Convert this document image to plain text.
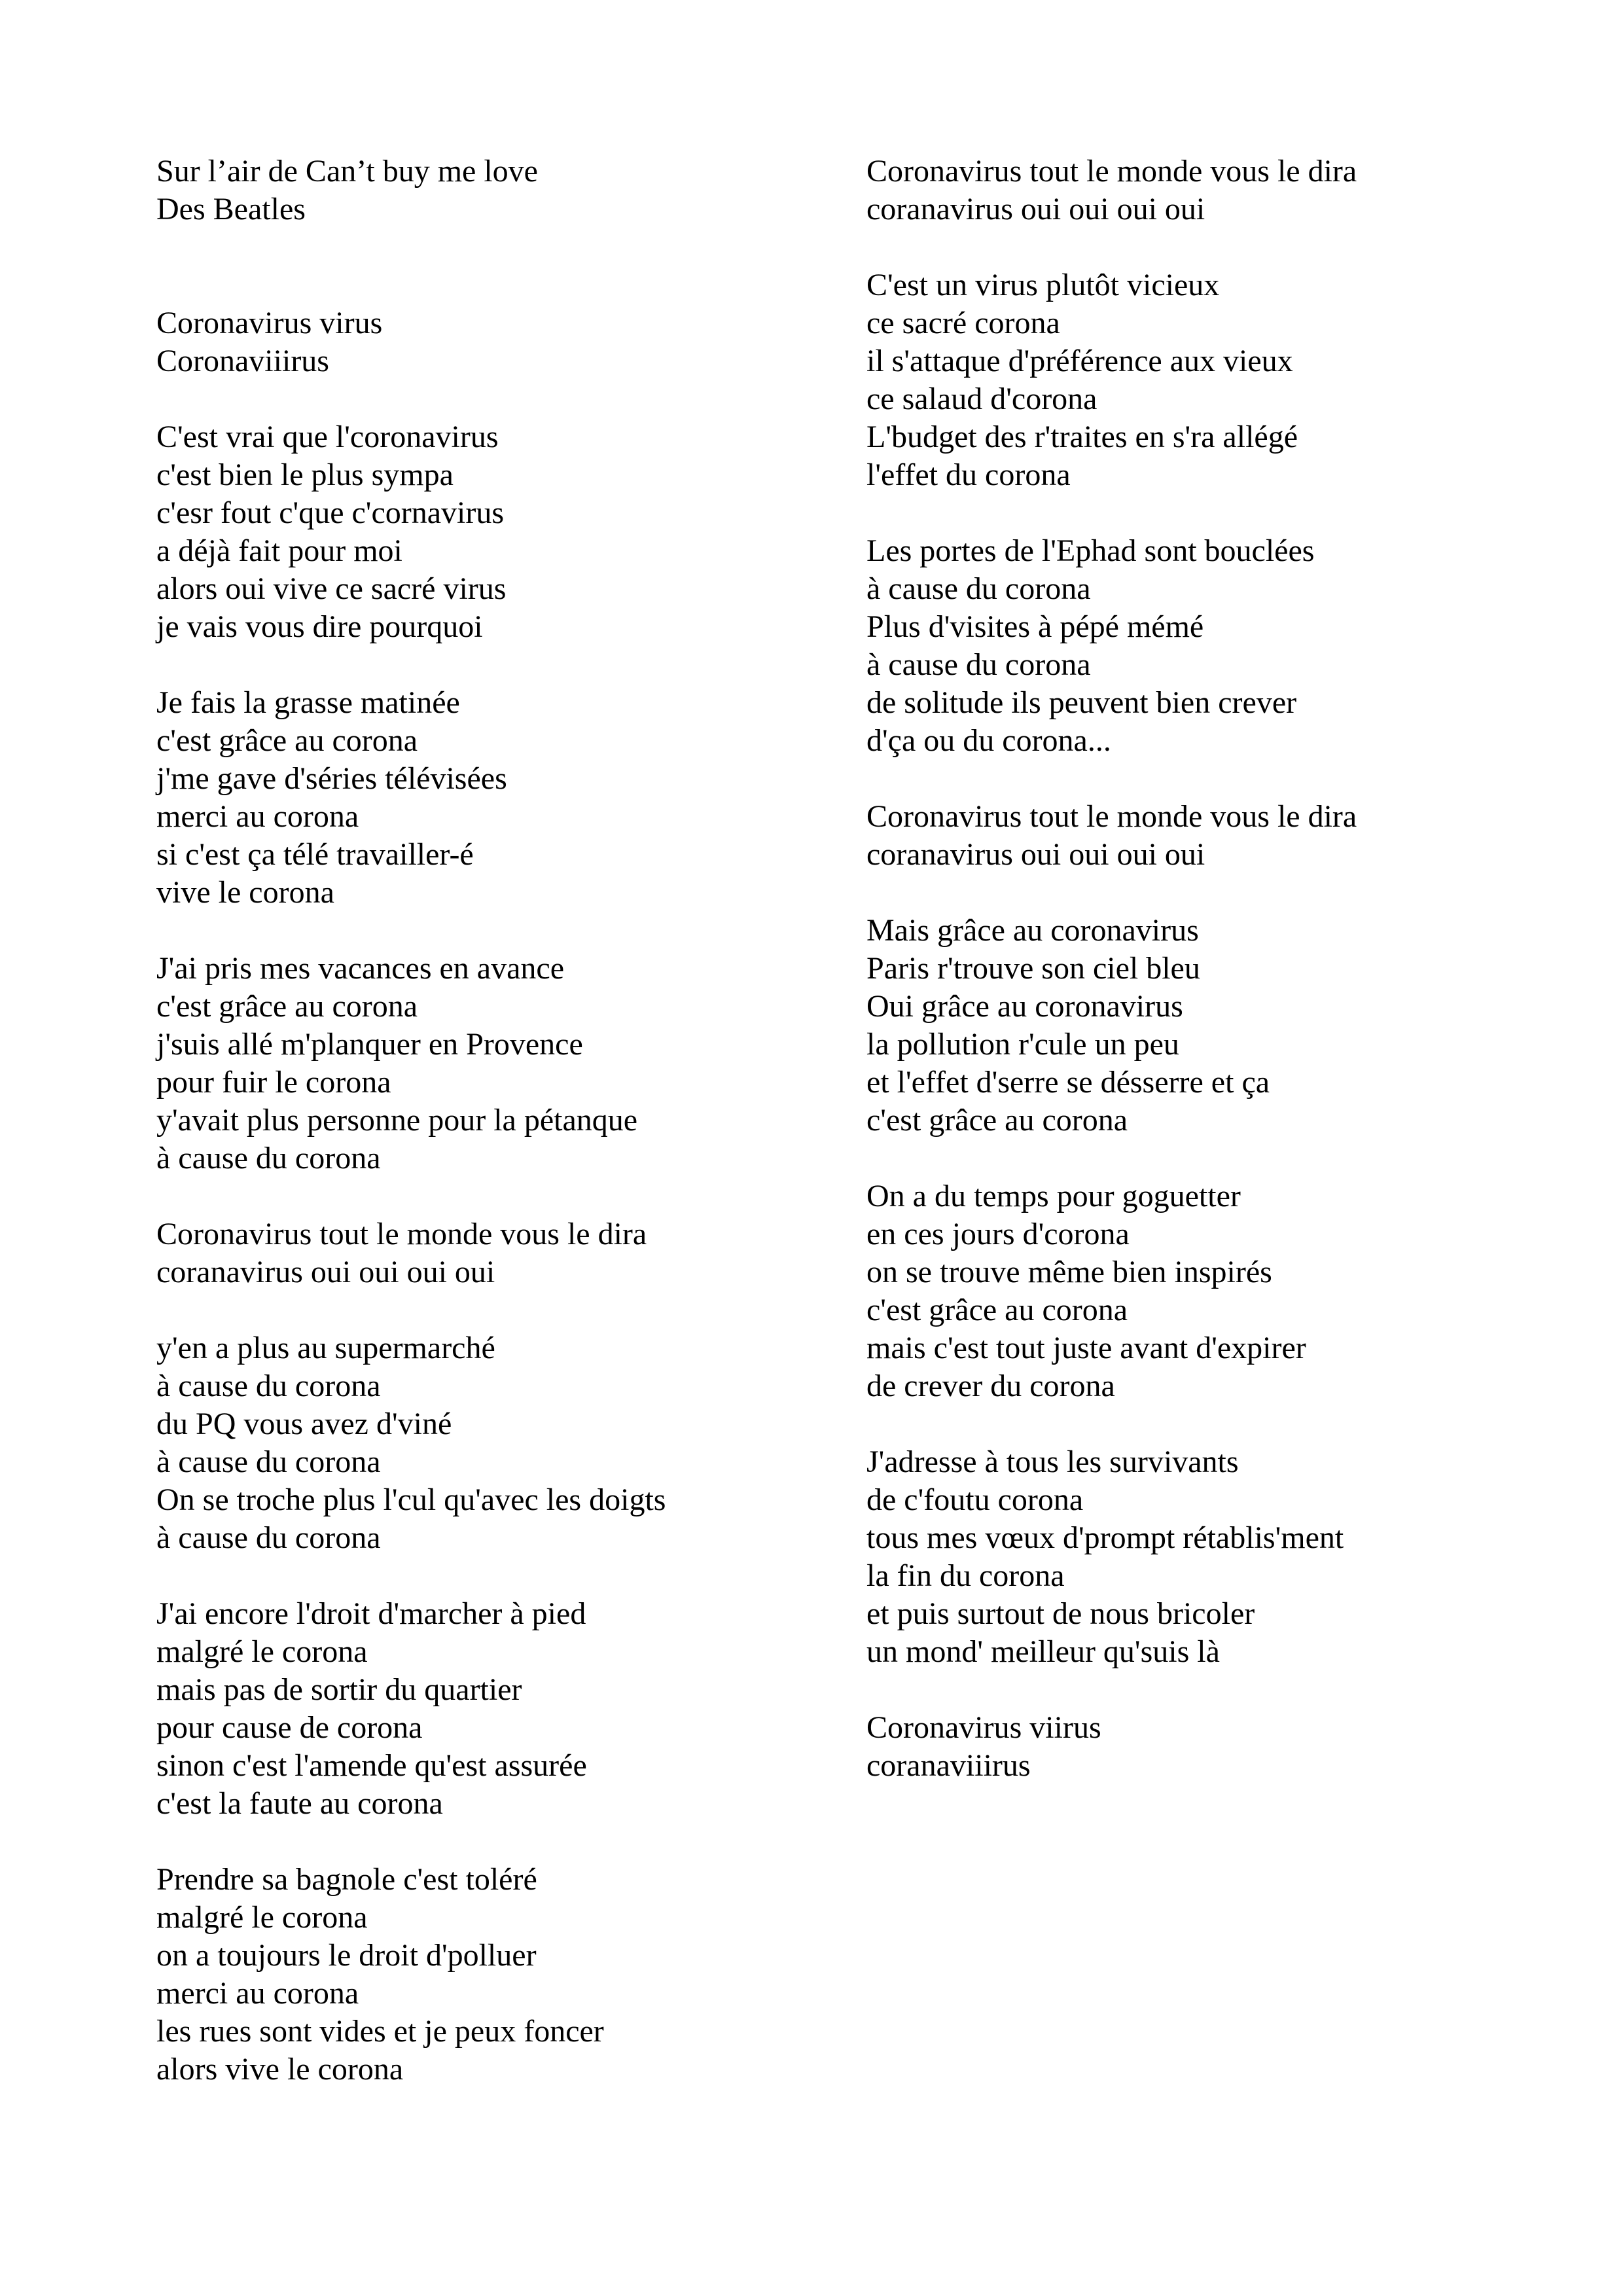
Sur l’air de Can’t buy me love
Des Beatles
Coronavirus virus
Coronaviiirus
C'est vrai que l'coronavirus
c'est bien le plus sympa
c'esr fout c'que c'cornavirus
a déjà fait pour moi
alors oui vive ce sacré virus
je vais vous dire pourquoi
Je fais la grasse matinée
c'est grâce au corona
j'me gave d'séries télévisées
merci au corona
si c'est ça télé travailler-é
vive le corona
J'ai pris mes vacances en avance
c'est grâce au corona
j'suis allé m'planquer en Provence
pour fuir le corona
y'avait plus personne pour la pétanque
à cause du corona
Coronavirus tout le monde vous le dira
coranavirus oui oui oui oui
y'en a plus au supermarché
à cause du corona
du PQ vous avez d'viné
à cause du corona
On se troche plus l'cul qu'avec les doigts
à cause du corona
J'ai encore l'droit d'marcher à pied
malgré le corona
mais pas de sortir du quartier
pour cause de corona
sinon c'est l'amende qu'est assurée
c'est la faute au corona
Prendre sa bagnole c'est toléré
malgré le corona
on a toujours le droit d'polluer
merci au corona
les rues sont vides et je peux foncer
alors vive le corona
Coronavirus tout le monde vous le dira
coranavirus oui oui oui oui
C'est un virus plutôt vicieux
ce sacré corona
il s'attaque d'préférence aux vieux
ce salaud d'corona
L'budget des r'traites en s'ra allégé
l'effet du corona
Les portes de l'Ephad sont bouclées
à cause du corona
Plus d'visites à pépé mémé
à cause du corona
de solitude ils peuvent bien crever
d'ça ou du corona...
Coronavirus tout le monde vous le dira
coranavirus oui oui oui oui
Mais grâce au coronavirus
Paris r'trouve son ciel bleu
Oui grâce au coronavirus
la pollution r'cule un peu
et l'effet d'serre se désserre et ça
c'est grâce au corona
On a du temps pour goguetter
en ces jours d'corona
on se trouve même bien inspirés
c'est grâce au corona
mais c'est tout juste avant d'expirer
de crever du corona
J'adresse à tous les survivants
de c'foutu corona
tous mes vœux d'prompt rétablis'ment
la fin du corona
et puis surtout de nous bricoler
un mond' meilleur qu'suis là
Coronavirus viirus
coranaviiirus
